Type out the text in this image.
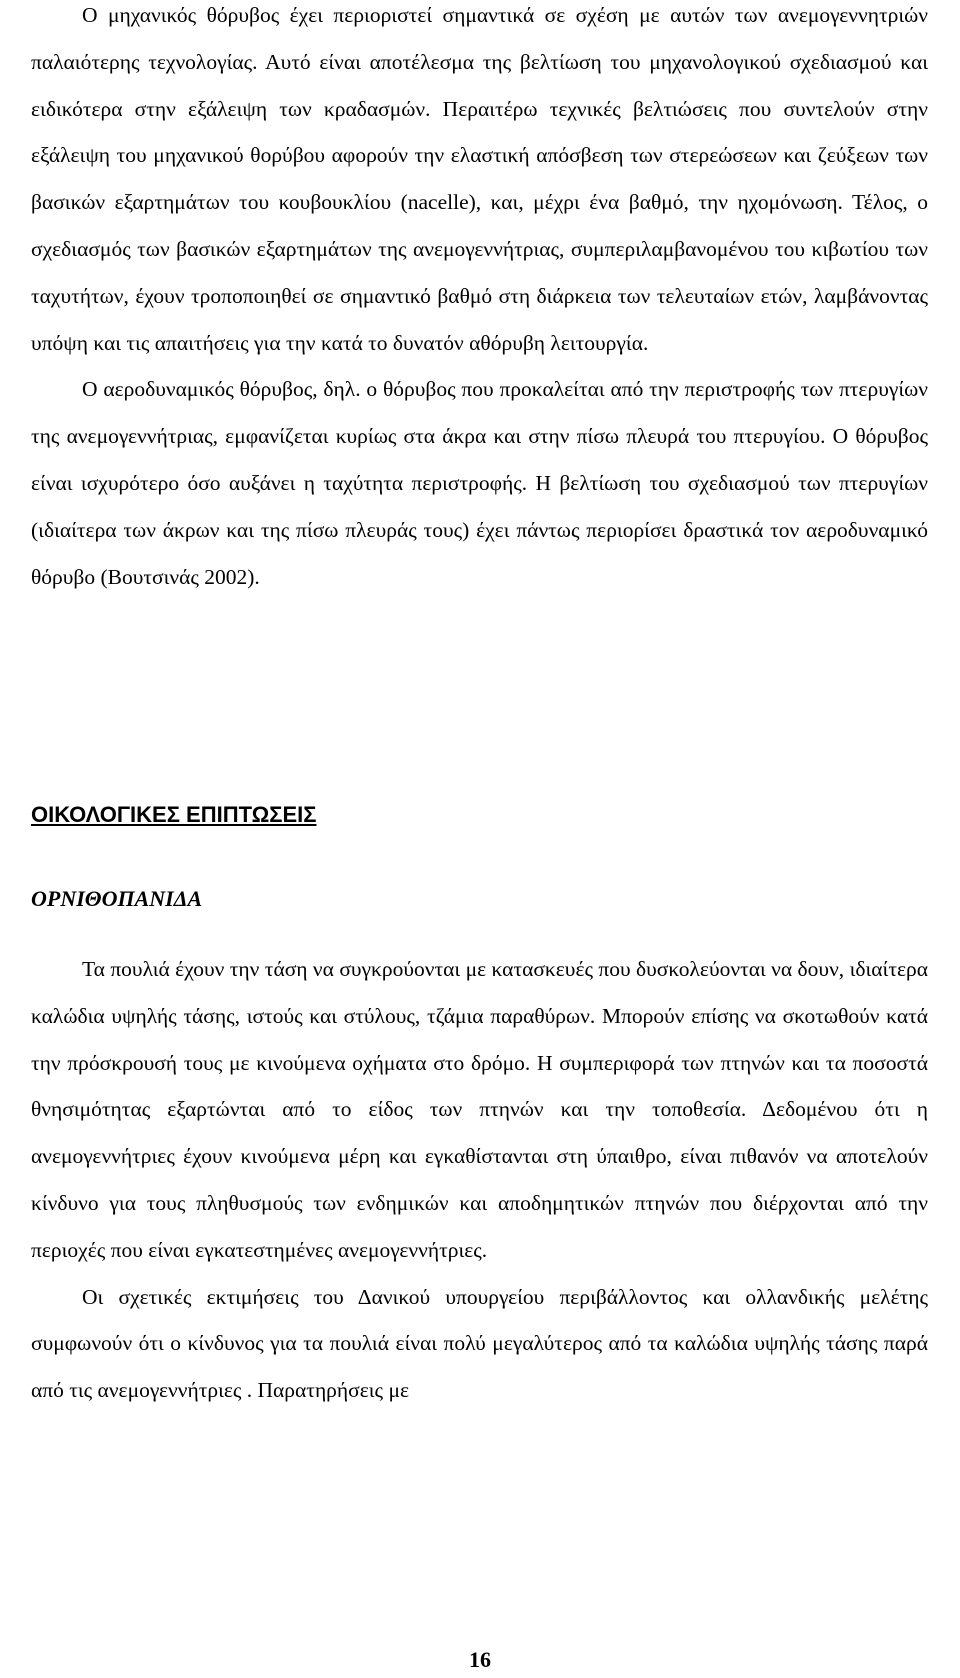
Ο μηχανικός θόρυβος έχει περιοριστεί σημαντικά σε σχέση με αυτών των ανεμογεννητριών παλαιότερης τεχνολογίας. Αυτό είναι αποτέλεσμα της βελτίωση του μηχανολογικού σχεδιασμού και ειδικότερα στην εξάλειψη των κραδασμών. Περαιτέρω τεχνικές βελτιώσεις που συντελούν στην εξάλειψη του μηχανικού θορύβου αφορούν την ελαστική απόσβεση των στερεώσεων και ζεύξεων των βασικών εξαρτημάτων του κουβουκλίου (nacelle), και, μέχρι ένα βαθμό, την ηχομόνωση. Τέλος, ο σχεδιασμός των βασικών εξαρτημάτων της ανεμογεννήτριας, συμπεριλαμβανομένου του κιβωτίου των ταχυτήτων, έχουν τροποποιηθεί σε σημαντικό βαθμό στη διάρκεια των τελευταίων ετών, λαμβάνοντας υπόψη και τις απαιτήσεις για την κατά το δυνατόν αθόρυβη λειτουργία.

Ο αεροδυναμικός θόρυβος, δηλ. ο θόρυβος που προκαλείται από την περιστροφής των πτερυγίων της ανεμογεννήτριας, εμφανίζεται κυρίως στα άκρα και στην πίσω πλευρά του πτερυγίου. Ο θόρυβος είναι ισχυρότερο όσο αυξάνει η ταχύτητα περιστροφής. Η βελτίωση του σχεδιασμού των πτερυγίων (ιδιαίτερα των άκρων και της πίσω πλευράς τους) έχει πάντως περιορίσει δραστικά τον αεροδυναμικό θόρυβο (Βουτσινάς 2002).

ΟΙΚΟΛΟΓΙΚΕΣ ΕΠΙΠΤΩΣΕΙΣ
ΟΡΝΙΘΟΠΑΝΙΔΑ

Τα πουλιά έχουν την τάση να συγκρούονται με κατασκευές που δυσκολεύονται να δουν, ιδιαίτερα καλώδια υψηλής τάσης, ιστούς και στύλους, τζάμια παραθύρων. Μπορούν επίσης να σκοτωθούν κατά την πρόσκρουσή τους με κινούμενα οχήματα στο δρόμο. Η συμπεριφορά των πτηνών και τα ποσοστά θνησιμότητας εξαρτώνται από το είδος των πτηνών και την τοποθεσία. Δεδομένου ότι η ανεμογεννήτριες έχουν κινούμενα μέρη και εγκαθίστανται στη ύπαιθρο, είναι πιθανόν να αποτελούν κίνδυνο για τους πληθυσμούς των ενδημικών και αποδημητικών πτηνών που διέρχονται από την περιοχές που είναι εγκατεστημένες ανεμογεννήτριες.

Οι σχετικές εκτιμήσεις του Δανικού υπουργείου περιβάλλοντος και ολλανδικής μελέτης συμφωνούν ότι ο κίνδυνος για τα πουλιά είναι πολύ μεγαλύτερος από τα καλώδια υψηλής τάσης παρά από τις ανεμογεννήτριες . Παρατηρήσεις με

16
